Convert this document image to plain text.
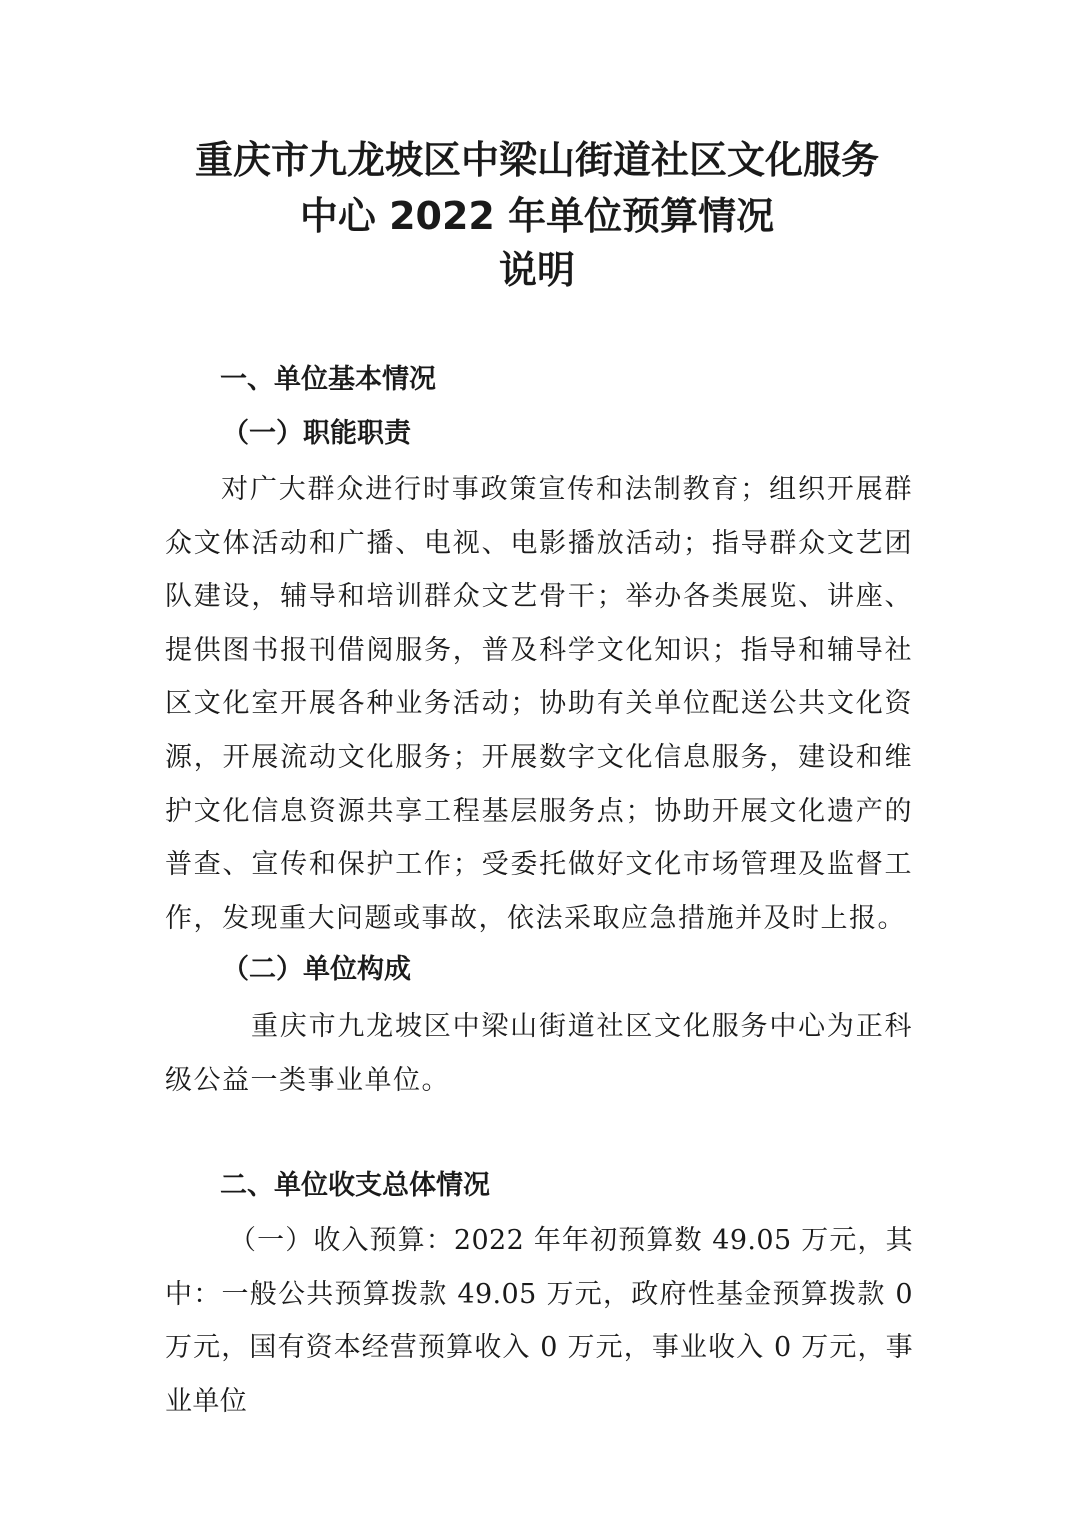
重庆市九龙坡区中梁山街道社区文化服务
中心 2022 年单位预算情况
说明
一、单位基本情况
（一）职能职责

对广大群众进行时事政策宣传和法制教育；组织开展群众文体活动和广播、电视、电影播放活动；指导群众文艺团队建设，辅导和培训群众文艺骨干；举办各类展览、讲座、提供图书报刊借阅服务，普及科学文化知识；指导和辅导社区文化室开展各种业务活动；协助有关单位配送公共文化资源，开展流动文化服务；开展数字文化信息服务，建设和维护文化信息资源共享工程基层服务点；协助开展文化遗产的普查、宣传和保护工作；受委托做好文化市场管理及监督工作，发现重大问题或事故，依法采取应急措施并及时上报。

（二）单位构成

重庆市九龙坡区中梁山街道社区文化服务中心为正科级公益一类事业单位。

二、单位收支总体情况

（一）收入预算：2022 年年初预算数 49.05 万元，其中：一般公共预算拨款 49.05 万元，政府性基金预算拨款 0 万元，国有资本经营预算收入 0 万元，事业收入 0 万元，事业单位
